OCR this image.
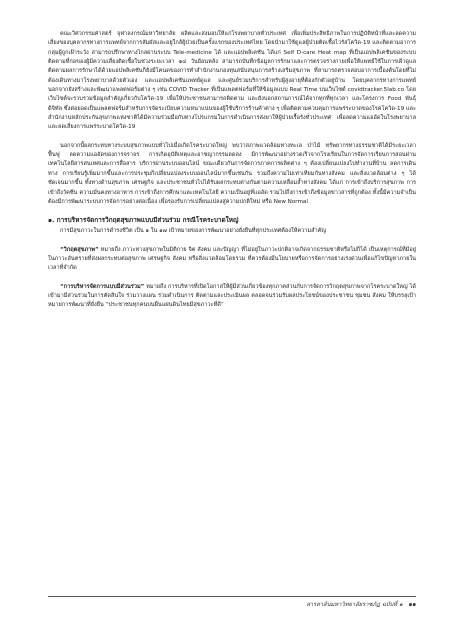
คณะวิศวกรรมศาสตร์ จุฬาลงกรณ์มหาวิทยาลัย ผลิตและส่งมอบให้แก่โรงพยาบาลทั่วประเทศ เพื่อเพิ่มประสิทธิภาพในการปฏิบัติหน้าที่และลดความเสี่ยงของบุคลากรทางการแพทย์จากการสัมผัสและอยู่ใกล้ผู้ป่วยเป็นครั้งแรกของประเทศไทย โดยนำมาใช้ดูแลผู้ป่วยติดเชื้อไวรัสโควิด-19 และติดตามอาการกลุ่มผู้ถูกเฝ้าระวัง สามารถปรึกษาทางไกลผ่านระบบ Tele-medicine ได้ และแอปพลิเคชัน ได้แก่ Self D-care Heat map ที่เป็นแอปพลิเคชันของระบบติดตามที่ก่อของผู้มีความเสี่ยงติดเชื้อในช่วงระยะเวลา ๑๔ วันย้อนหลัง สามารถบันทึกข้อมูลการรักษาและการตรวจร่างกายเพื่อให้แพทย์ใช้ในการเฝ้าดูแลติดตามผลการรักษาได้ด้วยแอปพลิเคชันก็ยังมีโคนดของการทำสำนักงานกองทุนสนับสนุนการสร้างเสริมสุขภาพ ที่สามารถตรวจสอบอาการเบื้องต้นโดยที่ไม่ต้องเดินทางมาโรงพยาบาลด้วยตัวเอง และแอปพลิเคชันแพทย์ดูแล และศูนย์รวมบริการสำหรับผู้สูงอายุที่ต้องกักตัวอยู่บ้าน โดยบุคลากรทางการแพทย์ นอกจากยังสร้างและพัฒนาแพลตฟอร์มต่าง ๆ เช่น COVID Tracker ที่เป็นแพลตฟอร์มที่ให้ข้อมูลแบบ Real Time บนเว็บไซต์ covidtracker.5lab.co โดยเว็บไซต์จะรวบรวมข้อมูลสำคัญเกี่ยวกับโควิด-19 เพื่อให้ประชาชนสามารถติดตาม และยังบอกสถานการณ์ได้จากทุกที่ทุกเวลา และโครงการ Food พันธุ์ ดิจิทัล ซึ่งต่อยอดเป็นแพลตฟอร์มสำหรับการจัดระเบียบความหนาแน่นของผู้ใช้บริการร้านค้าต่าง ๆ เพื่อติดตามควบคุมการแพร่ระบาดของโรคโควิด-19 และสำนักงานหลักประกันสุขภาพแห่งชาติได้มีความร่วมมือกับทางโปรแกรมในการดำเนินการส่งยาให้ผู้ป่วยเรื้อรังทั่วประเทศ เพื่อลดความแออัดในโรงพยาบาลและลดเสี่ยงการแพร่ระบาดโควิด-19

นอกจากนี้ผลกระทบทางระบบสุขภาพแบบทั่วไปเมื่อเกิดโรคระบาดใหญ่ พบว่าสภาพแวดล้อมทางทะเล ป่าไม้ ทรัพยากรทางธรรมชาติได้มีระยะเวลาฟื้นฟู ลดความแออัดของการจราจร การเกิดอุบัติเหตุและอาชญากรรมลดลง มีการพัฒนาอย่างรวดเร็วจากโรงเรียนในการจัดการเรียนการสอนผ่านเทคโนโลยีสารสนเทศและการสื่อสาร บริการผ่านระบบออนไลน์ ขณะเดียวกันการจัดการภาคการผลิตต่าง ๆ ต้องเปลี่ยนแปลงไปทำงานที่บ้าน ลดการเดินทาง การเรียนรู้เพิ่มมากขึ้นและการประชุมก็เปลี่ยนแปลงระบบออนไลน์มากขึ้นเช่นกัน รวมถึงความไม่เท่าเทียมกันทางสังคม และสิ่งแวดล้อมต่าง ๆ ได้ชัดเจนมากขึ้น ทั้งทางด้านสุขภาพ เศรษฐกิจ และประชาชนทั่วไปได้รับผลกระทบต่างกันตามความเหลื่อมล้ำทางสังคม ได้แก่ การเข้าถึงบริการสุขภาพ การเข้าถึงวัคซีน ความมั่นคงทางอาหาร การเข้าถึงการศึกษาและเทคโนโลยี ความเป็นอยู่ที่แออัด รวมไปถึงการเข้าถึงข้อมูลข่าวสารที่ถูกต้อง ทั้งนี้มีความจำเป็นต้องมีการพัฒนาระบบการจัดการอย่างต่อเนื่อง เพื่อรองรับการเปลี่ยนแปลงสู่ความปกติใหม่ หรือ New Normal

๑. การบริหารจัดการวิกฤตสุขภาพแบบมีส่วนร่วม กรณีโรคระบาดใหญ่

การมีสุขภาวะในการดำรงชีวิต เป็น ๑ ใน ๑๗ เป้าหมายของการพัฒนาอย่างยั่งยืนที่ทุกประเทศต้องให้ความสำคัญ

“วิกฤตสุขภาพ” หมายถึง ภาวะทางสุขภาพในมิติกาย จิต สังคม และปัญญา ที่ไม่อยู่ในภาวะปกติอาจเกิดจากธรรมชาติหรือไม่ก็ได้ เป็นเหตุการณ์ที่มีอยู่ในภาวะอันตรายที่ส่งผลกระทบต่อสุขภาพ เศรษฐกิจ สังคม หรือสิ่งแวดล้อมโดยรวม ที่ควรต้องมีนโยบายหรือการจัดการอย่างเร่งด่วนเพื่อแก้ไขปัญหาภายในเวลาที่จำกัด

“การบริหารจัดการแบบมีส่วนร่วม” หมายถึง การบริหารที่เปิดโอกาสให้ผู้มีส่วนเกี่ยวข้องทุกภาคส่วนกับการจัดการวิกฤตสุขภาพจากโรคระบาดใหญ่ ได้เข้ามามีส่วนร่วมในการตัดสินใจ ร่วมวางแผน ร่วมดำเนินการ ติดตามและประเมินผล ตลอดจนร่วมรับผลประโยชน์ของประชาชน ชุมชน สังคม ให้บรรลุเป้าหมายการพัฒนาที่ยั่งยืน “ประชาชนทุกคนบนผืนแผ่นดินไทยมีสุขภาวะที่ดี”

สารสาส์นมหาวิทยาลัยราชภัฏ ฉบับที่ ๑ ๑๑
